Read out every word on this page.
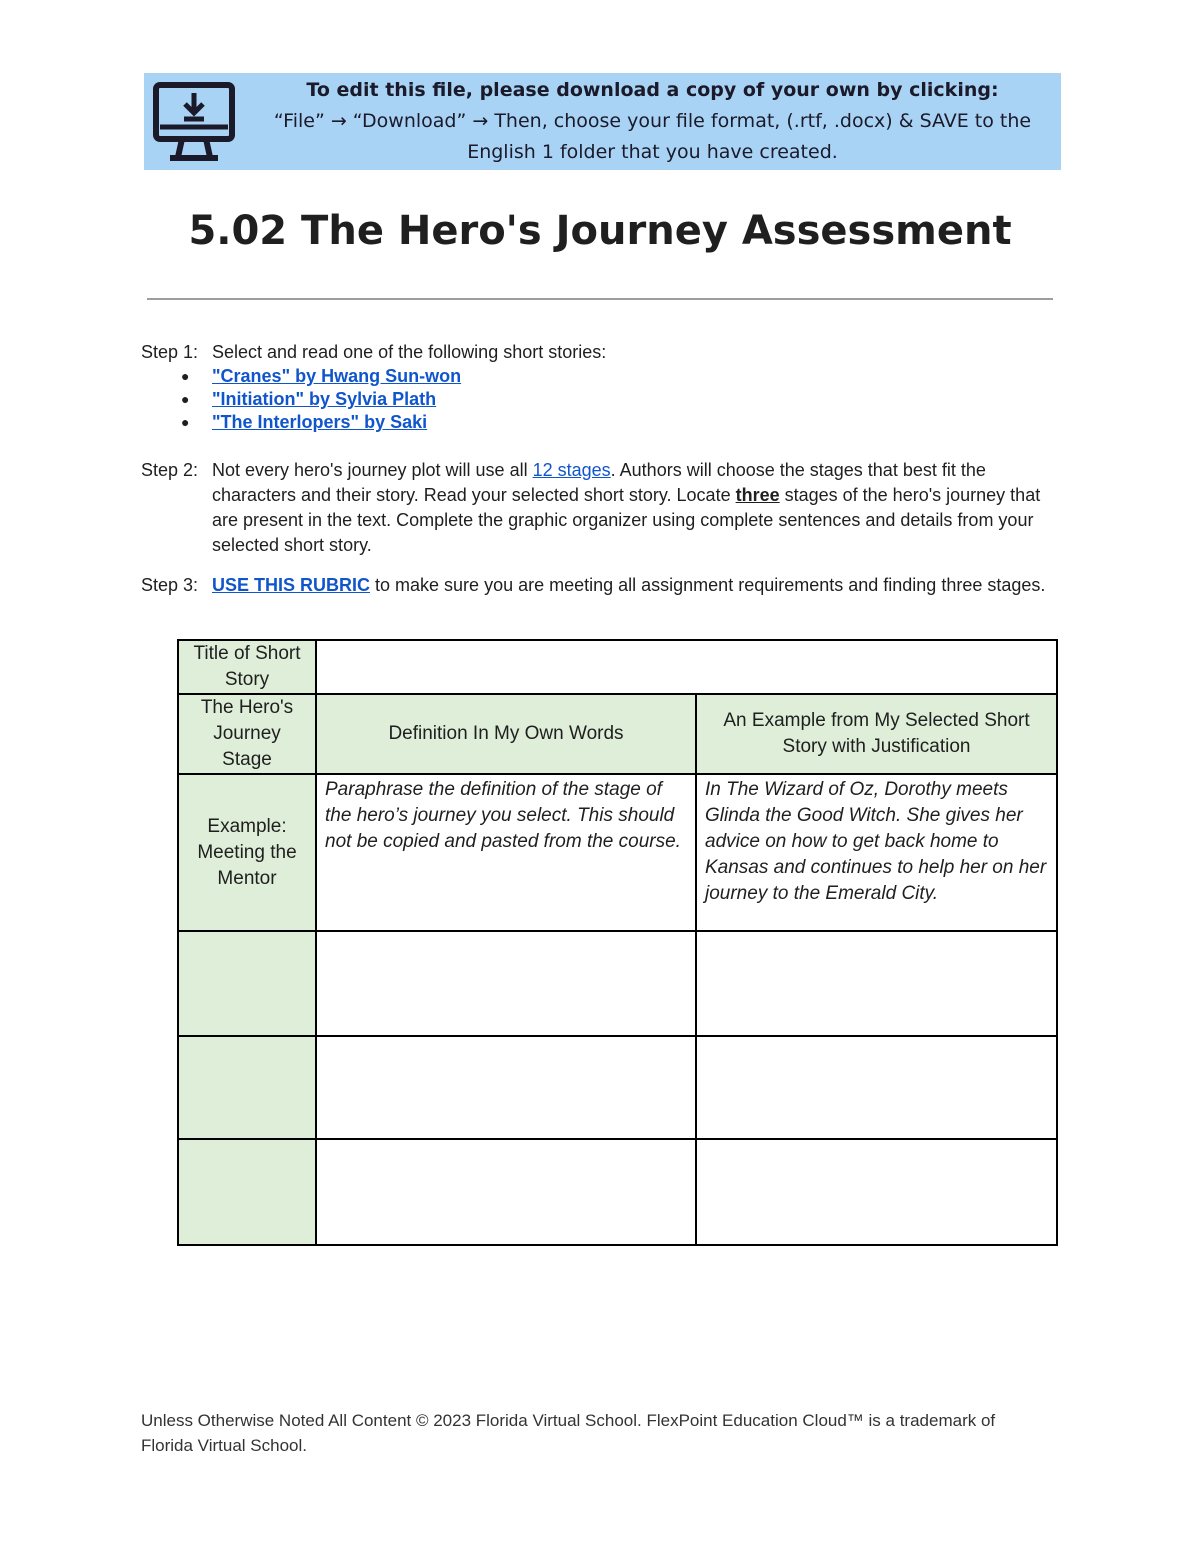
To edit this file, please download a copy of your own by clicking:
“File” → “Download” → Then, choose your file format, (.rtf, .docx) & SAVE to the
English 1 folder that you have created.
5.02 The Hero's Journey Assessment
Step 1: Select and read one of the following short stories:
● "Cranes" by Hwang Sun-won
● "Initiation" by Sylvia Plath
● "The Interlopers" by Saki
Step 2: Not every hero's journey plot will use all 12 stages. Authors will choose the stages that best fit the characters and their story. Read your selected short story. Locate three stages of the hero's journey that are present in the text. Complete the graphic organizer using complete sentences and details from your selected short story.
Step 3: USE THIS RUBRIC to make sure you are meeting all assignment requirements and finding three stages.
Title of Short Story		
The Hero's Journey Stage	Definition In My Own Words	An Example from My Selected Short Story with Justification
Example: Meeting the Mentor	Paraphrase the definition of the stage of the hero’s journey you select. This should not be copied and pasted from the course.	In The Wizard of Oz, Dorothy meets Glinda the Good Witch. She gives her advice on how to get back home to Kansas and continues to help her on her journey to the Emerald City.

Unless Otherwise Noted All Content © 2023 Florida Virtual School. FlexPoint Education Cloud™ is a trademark of Florida Virtual School.
